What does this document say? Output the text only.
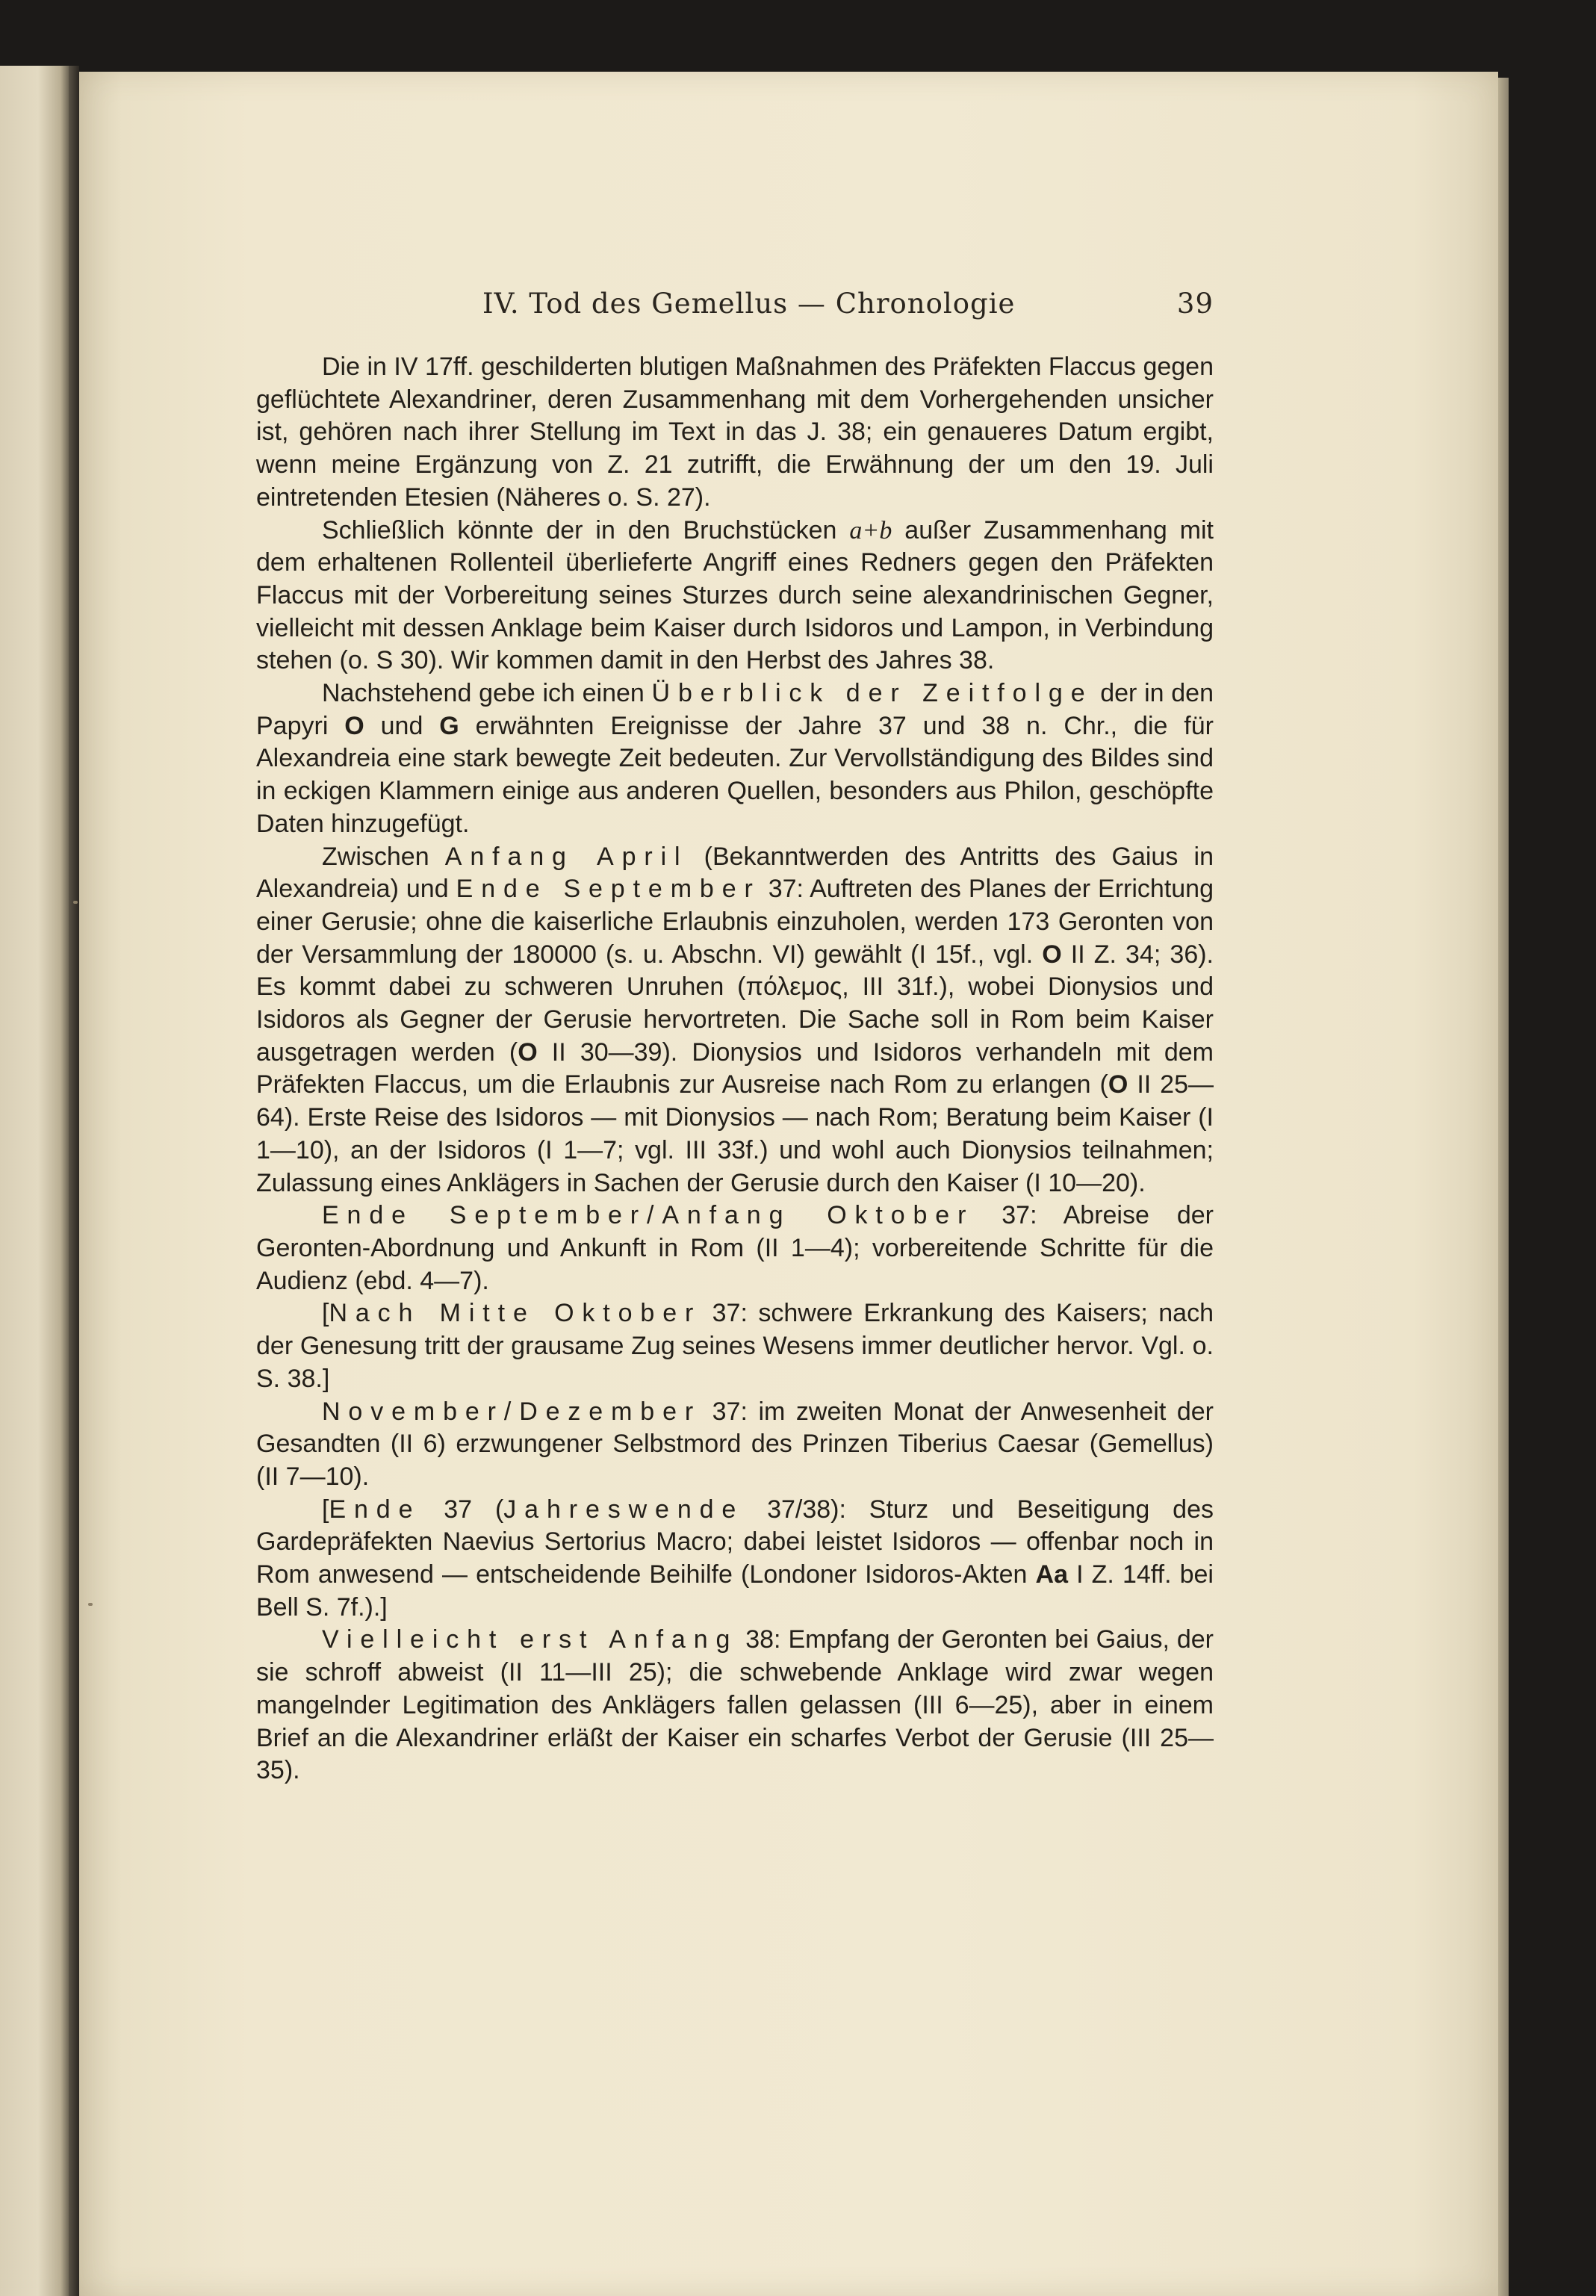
IV. Tod des Gemellus — Chronologie	39

Die in IV 17ff. geschilderten blutigen Maßnahmen des Präfekten Flaccus gegen geflüchtete Alexandriner, deren Zusammenhang mit dem Vorhergehenden unsicher ist, gehören nach ihrer Stellung im Text in das J. 38; ein genaueres Datum ergibt, wenn meine Ergänzung von Z. 21 zutrifft, die Erwähnung der um den 19. Juli eintretenden Etesien (Näheres o. S. 27).

Schließlich könnte der in den Bruchstücken a+b außer Zusammenhang mit dem erhaltenen Rollenteil überlieferte Angriff eines Redners gegen den Präfekten Flaccus mit der Vorbereitung seines Sturzes durch seine alexandrinischen Gegner, vielleicht mit dessen Anklage beim Kaiser durch Isidoros und Lampon, in Verbindung stehen (o. S 30). Wir kommen damit in den Herbst des Jahres 38.

Nachstehend gebe ich einen Überblick der Zeitfolge der in den Papyri O und G erwähnten Ereignisse der Jahre 37 und 38 n. Chr., die für Alexandreia eine stark bewegte Zeit bedeuten. Zur Vervollständigung des Bildes sind in eckigen Klammern einige aus anderen Quellen, besonders aus Philon, geschöpfte Daten hinzugefügt.

Zwischen Anfang April (Bekanntwerden des Antritts des Gaius in Alexandreia) und Ende September 37: Auftreten des Planes der Errichtung einer Gerusie; ohne die kaiserliche Erlaubnis einzuholen, werden 173 Geronten von der Versammlung der 180000 (s. u. Abschn. VI) gewählt (I 15f., vgl. O II Z. 34; 36). Es kommt dabei zu schweren Unruhen (πόλεμος, III 31f.), wobei Dionysios und Isidoros als Gegner der Gerusie hervortreten. Die Sache soll in Rom beim Kaiser ausgetragen werden (O II 30—39). Dionysios und Isidoros verhandeln mit dem Präfekten Flaccus, um die Erlaubnis zur Ausreise nach Rom zu erlangen (O II 25—64). Erste Reise des Isidoros — mit Dionysios — nach Rom; Beratung beim Kaiser (I 1—10), an der Isidoros (I 1—7; vgl. III 33f.) und wohl auch Dionysios teilnahmen; Zulassung eines Anklägers in Sachen der Gerusie durch den Kaiser (I 10—20).

Ende September/Anfang Oktober 37: Abreise der Geronten-Abordnung und Ankunft in Rom (II 1—4); vorbereitende Schritte für die Audienz (ebd. 4—7).

[Nach Mitte Oktober 37: schwere Erkrankung des Kaisers; nach der Genesung tritt der grausame Zug seines Wesens immer deutlicher hervor. Vgl. o. S. 38.]

November/Dezember 37: im zweiten Monat der Anwesenheit der Gesandten (II 6) erzwungener Selbstmord des Prinzen Tiberius Caesar (Gemellus) (II 7—10).

[Ende 37 (Jahreswende 37/38): Sturz und Beseitigung des Gardepräfekten Naevius Sertorius Macro; dabei leistet Isidoros — offenbar noch in Rom anwesend — entscheidende Beihilfe (Londoner Isidoros-Akten Aa I Z. 14ff. bei Bell S. 7f.).]

Vielleicht erst Anfang 38: Empfang der Geronten bei Gaius, der sie schroff abweist (II 11—III 25); die schwebende Anklage wird zwar wegen mangelnder Legitimation des Anklägers fallen gelassen (III 6—25), aber in einem Brief an die Alexandriner erläßt der Kaiser ein scharfes Verbot der Gerusie (III 25—35).
